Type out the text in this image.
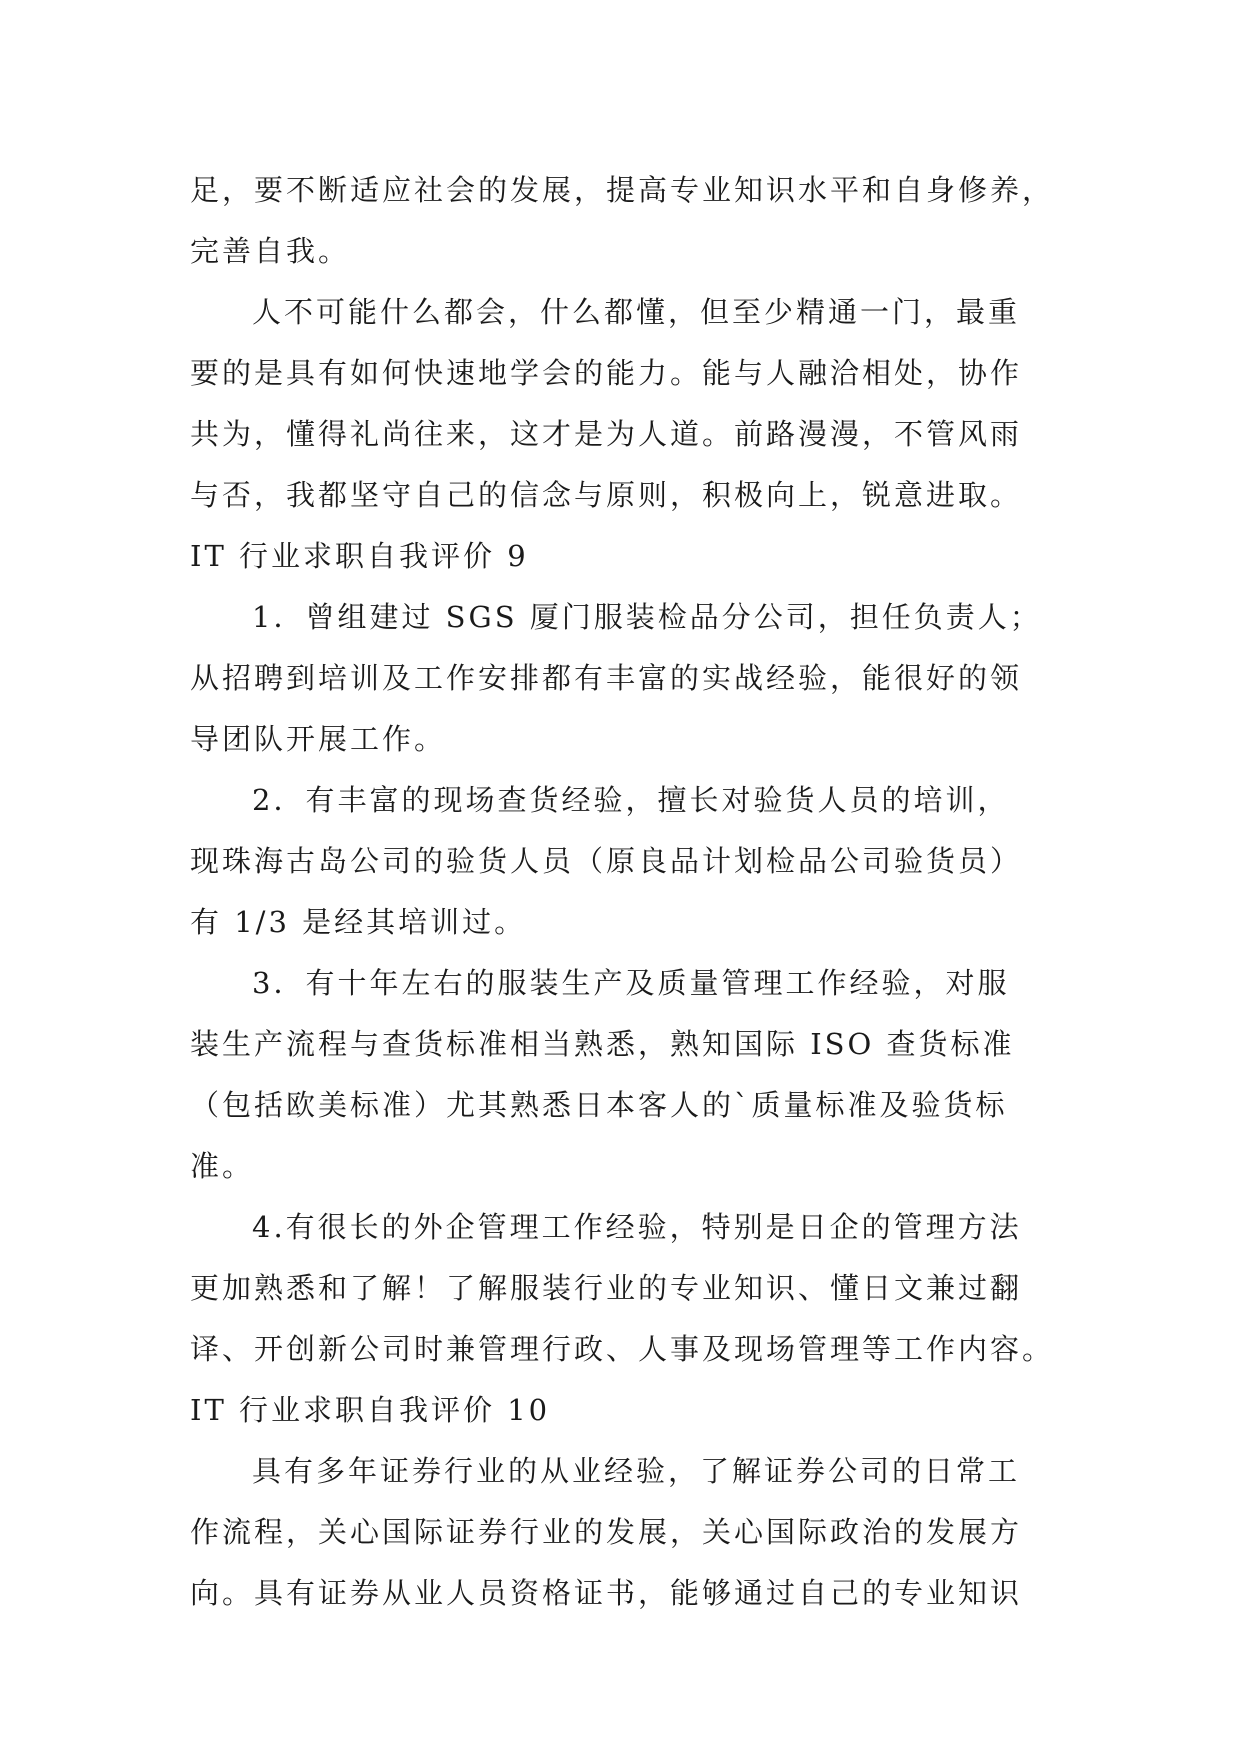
足，要不断适应社会的发展，提高专业知识水平和自身修养，
完善自我。
人不可能什么都会，什么都懂，但至少精通一门，最重
要的是具有如何快速地学会的能力。能与人融洽相处，协作
共为，懂得礼尚往来，这才是为人道。前路漫漫，不管风雨
与否，我都坚守自己的信念与原则，积极向上，锐意进取。
IT 行业求职自我评价 9
1．曾组建过 SGS 厦门服装检品分公司，担任负责人；
从招聘到培训及工作安排都有丰富的实战经验，能很好的领
导团队开展工作。
2．有丰富的现场查货经验，擅长对验货人员的培训，
现珠海古岛公司的验货人员（原良品计划检品公司验货员）
有 1/3 是经其培训过。
3．有十年左右的服装生产及质量管理工作经验，对服
装生产流程与查货标准相当熟悉，熟知国际 ISO 查货标准
（包括欧美标准）尤其熟悉日本客人的`质量标准及验货标
准。
4.有很长的外企管理工作经验，特别是日企的管理方法
更加熟悉和了解！了解服装行业的专业知识、懂日文兼过翻
译、开创新公司时兼管理行政、人事及现场管理等工作内容。
IT 行业求职自我评价 10
具有多年证券行业的从业经验，了解证券公司的日常工
作流程，关心国际证券行业的发展，关心国际政治的发展方
向。具有证券从业人员资格证书，能够通过自己的专业知识
